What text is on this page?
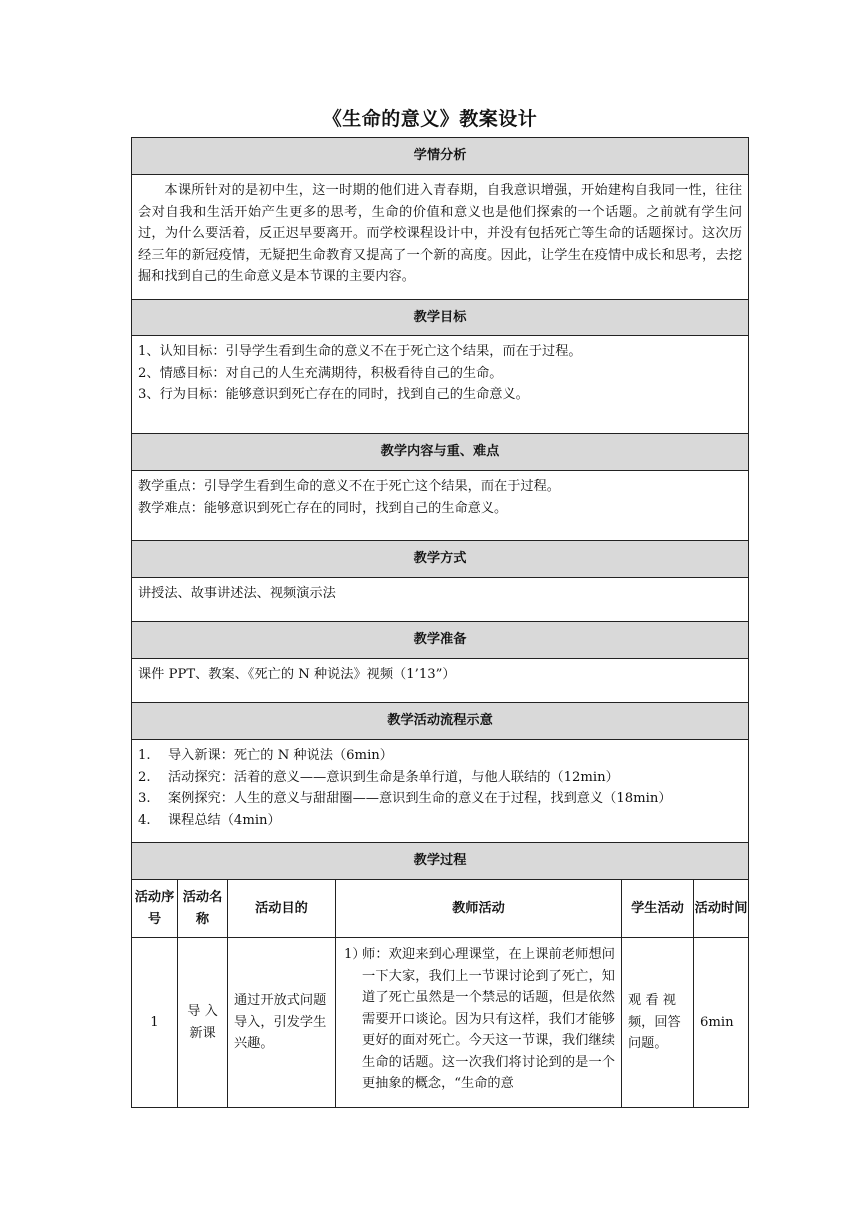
《生命的意义》教案设计
学情分析					

本课所针对的是初中生，这一时期的他们进入青春期，自我意识增强，开始建构自我同一性，往往会对自我和生活开始产生更多的思考，生命的价值和意义也是他们探索的一个话题。之前就有学生问过，为什么要活着，反正迟早要离开。而学校课程设计中，并没有包括死亡等生命的话题探讨。这次历经三年的新冠疫情，无疑把生命教育又提高了一个新的高度。因此，让学生在疫情中成长和思考，去挖掘和找到自己的生命意义是本节课的主要内容。					

教学目标					

1、认知目标：引导学生看到生命的意义不在于死亡这个结果，而在于过程。

2、情感目标：对自己的人生充满期待，积极看待自己的生命。

3、行为目标：能够意识到死亡存在的同时，找到自己的生命意义。					

教学内容与重、难点					

教学重点：引导学生看到生命的意义不在于死亡这个结果，而在于过程。

教学难点：能够意识到死亡存在的同时，找到自己的生命意义。					

教学方式					

讲授法、故事讲述法、视频演示法					

教学准备					

课件 PPT、教案、《死亡的 N 种说法》视频（1’13”）					

教学活动流程示意					

1. 导入新课：死亡的 N 种说法（6min）

2. 活动探究：活着的意义——意识到生命是条单行道，与他人联结的（12min）

3. 案例探究：人生的意义与甜甜圈——意识到生命的意义在于过程，找到意义（18min）

4. 课程总结（4min）					

教学过程					
活动序号	活动名称	活动目的	教师活动	学生活动	活动时间
1	导 入新课	通过开放式问题导入，引发学生兴趣。	1）
师：欢迎来到心理课堂，在上课前老师想问一下大家，我们上一节课讨论到了死亡，知道了死亡虽然是一个禁忌的话题，但是依然需要开口谈论。因为只有这样，我们才能够更好的面对死亡。今天这一节课，我们继续生命的话题。这一次我们将讨论到的是一个更抽象的概念，“生命的意	观 看 视频，回答问题。	6min
